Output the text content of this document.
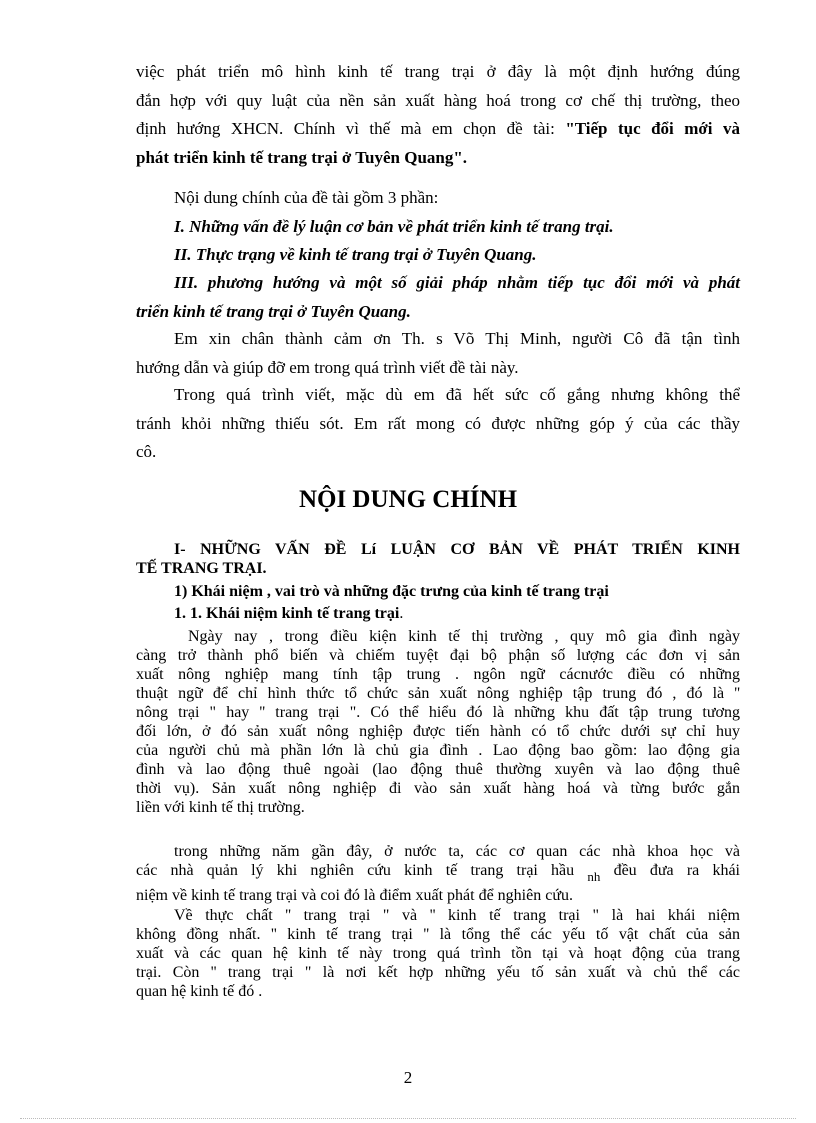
việc phát triển mô hình kinh tế trang trại ở đây là một định hướng đúng
đắn hợp với quy luật của nền sản xuất hàng hoá trong cơ chế thị trường, theo
định hướng XHCN. Chính vì thế mà em chọn đề tài: "Tiếp tục đổi mới và
phát triển kinh tế trang trại ở Tuyên Quang".
Nội dung chính của đề tài gồm 3 phần:
I. Những vấn đề lý luận cơ bản về phát triển kinh tế trang trại.
II. Thực trạng về kinh tế trang trại ở Tuyên Quang.
III. phương hướng và một số giải pháp nhằm tiếp tục đổi mới và phát
triển kinh tế trang trại ở Tuyên Quang.
Em xin chân thành cảm ơn Th. s Võ Thị Minh, người Cô đã tận tình
hướng dẫn và giúp đỡ em trong quá trình viết đề tài này.
Trong quá trình viết, mặc dù em đã hết sức cố gắng nhưng không thể
tránh khỏi những thiếu sót. Em rất mong có được những góp ý của các thầy
cô.
NỘI DUNG CHÍNH
I- NHỮNG VẤN ĐỀ Lí LUẬN CƠ BẢN VỀ PHÁT TRIỂN KINH
TẾ TRANG TRẠI.
1) Khái niệm , vai trò và những đặc trưng của kinh tế trang trại
1. 1. Khái niệm kinh tế trang trại.
Ngày nay , trong điều kiện kinh tế thị trường , quy mô gia đình ngày
càng trở thành phổ biến và chiếm tuyệt đại bộ phận số lượng các đơn vị sản
xuất nông nghiệp mang tính tập trung . ngôn ngữ cácnước điều có những
thuật ngữ để chỉ hình thức tổ chức sản xuất nông nghiệp tập trung đó , đó là ''
nông trại " hay '' trang trại ". Có thể hiểu đó là những khu đất tập trung tương
đối lớn, ở đó sản xuất nông nghiệp được tiến hành có tổ chức dưới sự chỉ huy
của người chủ mà phần lớn là chủ gia đình . Lao động bao gồm: lao động gia
đình và lao động thuê ngoài (lao động thuê thường xuyên và lao động thuê
thời vụ). Sản xuất nông nghiệp đi vào sản xuất hàng hoá và từng bước gắn
liền với kinh tế thị trường.
trong những năm gần đây, ở nước ta, các cơ quan các nhà khoa học và
các nhà quản lý khi nghiên cứu kinh tế trang trại hầu $_{nh}$ đều đưa ra khái
niệm về kinh tế trang trại và coi đó là điểm xuất phát để nghiên cứu.
Về thực chất '' trang trại " và '' kinh tế trang trại " là hai khái niệm
không đồng nhất. '' kinh tế trang trại '' là tổng thể các yếu tố vật chất của sản
xuất và các quan hệ kinh tế này trong quá trình tồn tại và hoạt động của trang
trại. Còn '' trang trại " là nơi kết hợp những yếu tố sản xuất và chủ thể các
quan hệ kinh tế đó .
2
